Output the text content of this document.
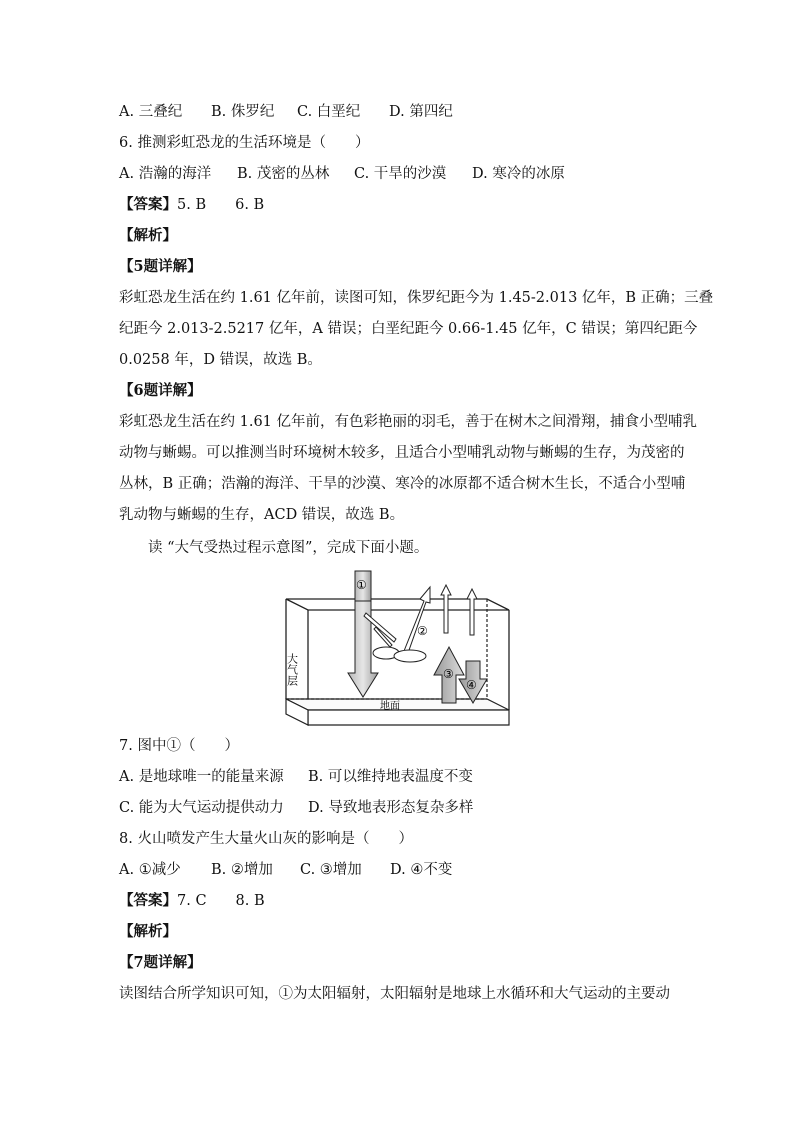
A. 三叠纪 B. 侏罗纪 C. 白垩纪 D. 第四纪
6. 推测彩虹恐龙的生活环境是（　　）
A. 浩瀚的海洋 B. 茂密的丛林 C. 干旱的沙漠 D. 寒冷的冰原
【答案】5. B　　6. B
【解析】
【5题详解】
彩虹恐龙生活在约 1.61 亿年前，读图可知，侏罗纪距今为 1.45-2.013 亿年，B 正确；三叠
纪距今 2.013-2.5217 亿年，A 错误；白垩纪距今 0.66-1.45 亿年，C 错误；第四纪距今
0.0258 年，D 错误，故选 B。
【6题详解】
彩虹恐龙生活在约 1.61 亿年前，有色彩艳丽的羽毛，善于在树木之间滑翔，捕食小型哺乳
动物与蜥蜴。可以推测当时环境树木较多，且适合小型哺乳动物与蜥蜴的生存，为茂密的
丛林，B 正确；浩瀚的海洋、干旱的沙漠、寒冷的冰原都不适合树木生长，不适合小型哺
乳动物与蜥蜴的生存，ACD 错误，故选 B。
读 “大气受热过程示意图”，完成下面小题。
①
②
大气层	③
④
地面
7. 图中①（　　）
A. 是地球唯一的能量来源 B. 可以维持地表温度不变
C. 能为大气运动提供动力 D. 导致地表形态复杂多样
8. 火山喷发产生大量火山灰的影响是（　　）
A. ①减少 B. ②增加 C. ③增加 D. ④不变
【答案】7. C　　8. B
【解析】
【7题详解】
读图结合所学知识可知，①为太阳辐射，太阳辐射是地球上水循环和大气运动的主要动
